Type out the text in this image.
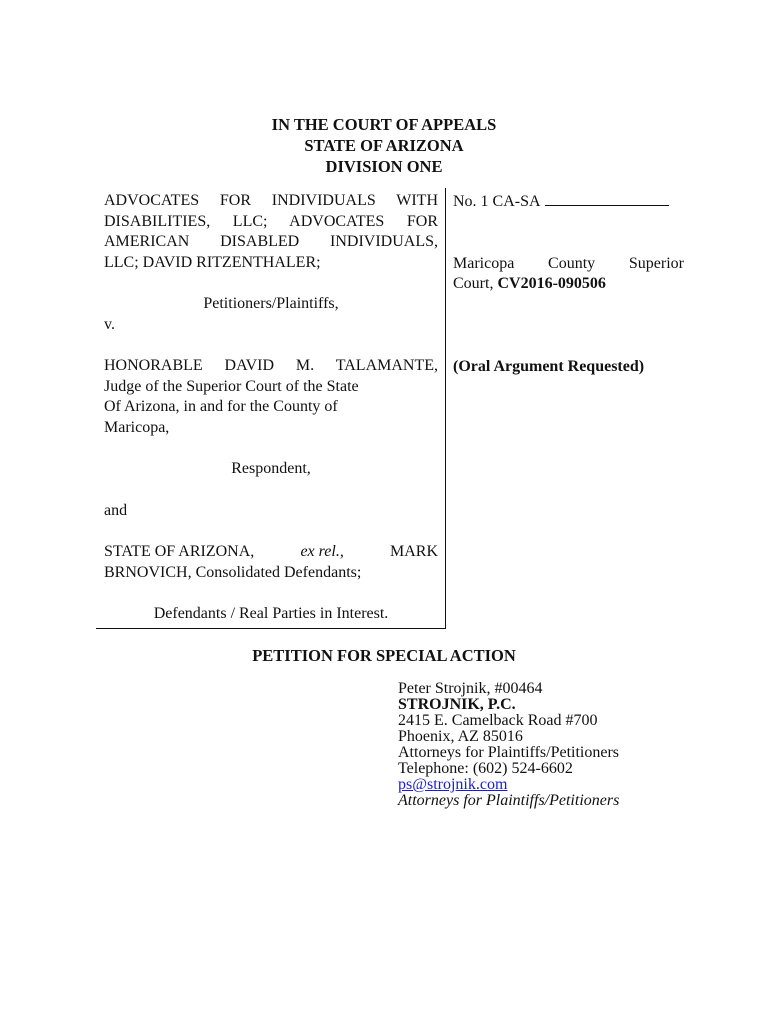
IN THE COURT OF APPEALS
STATE OF ARIZONA
DIVISION ONE
ADVOCATES FOR INDIVIDUALS WITH
DISABILITIES, LLC; ADVOCATES FOR
AMERICAN DISABLED INDIVIDUALS,
LLC; DAVID RITZENTHALER;
Petitioners/Plaintiffs,
v.
HONORABLE DAVID M. TALAMANTE,
Judge of the Superior Court of the State
Of Arizona, in and for the County of
Maricopa,
Respondent,
and
STATE OF ARIZONA,	ex rel.,	MARK
BRNOVICH, Consolidated Defendants;
Defendants / Real Parties in Interest.
No. 1 CA-SA
Maricopa County Superior
Court, CV2016-090506
(Oral Argument Requested)
PETITION FOR SPECIAL ACTION
Peter Strojnik, #00464
STROJNIK, P.C.
2415 E. Camelback Road #700
Phoenix, AZ 85016
Attorneys for Plaintiffs/Petitioners
Telephone: (602) 524-6602
ps@strojnik.com
Attorneys for Plaintiffs/Petitioners
